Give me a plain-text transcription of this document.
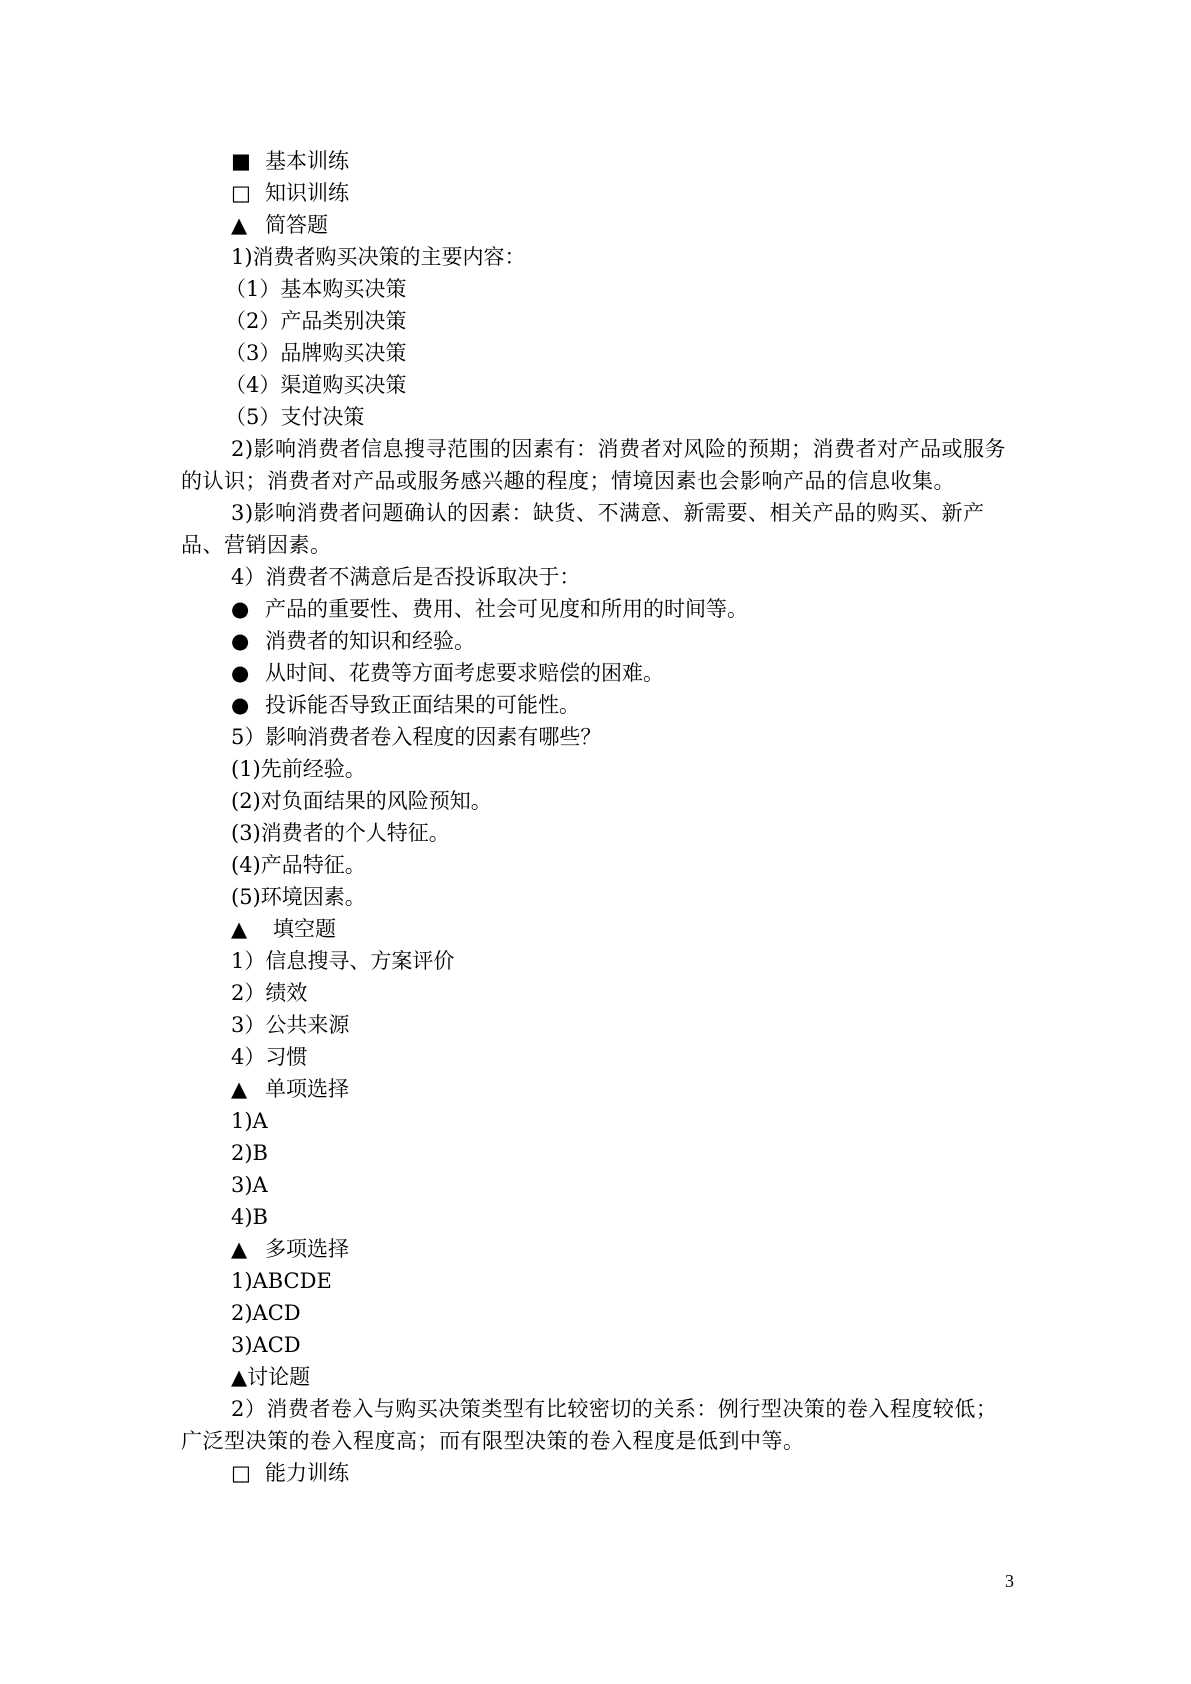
■ 基本训练
□ 知识训练
▲ 简答题
1)消费者购买决策的主要内容：
（1）基本购买决策
（2）产品类别决策
（3）品牌购买决策
（4）渠道购买决策
（5）支付决策
2)影响消费者信息搜寻范围的因素有：消费者对风险的预期；消费者对产品或服务的认识；消费者对产品或服务感兴趣的程度；情境因素也会影响产品的信息收集。
3)影响消费者问题确认的因素：缺货、不满意、新需要、相关产品的购买、新产品、营销因素。
4）消费者不满意后是否投诉取决于：
● 产品的重要性、费用、社会可见度和所用的时间等。
● 消费者的知识和经验。
● 从时间、花费等方面考虑要求赔偿的困难。
● 投诉能否导致正面结果的可能性。
5）影响消费者卷入程度的因素有哪些？
(1)先前经验。
(2)对负面结果的风险预知。
(3)消费者的个人特征。
(4)产品特征。
(5)环境因素。
▲ 填空题
1）信息搜寻、方案评价
2）绩效
3）公共来源
4）习惯
▲ 单项选择
1)A
2)B
3)A
4)B
▲ 多项选择
1)ABCDE
2)ACD
3)ACD
▲讨论题
2）消费者卷入与购买决策类型有比较密切的关系：例行型决策的卷入程度较低；广泛型决策的卷入程度高；而有限型决策的卷入程度是低到中等。
□ 能力训练
3
